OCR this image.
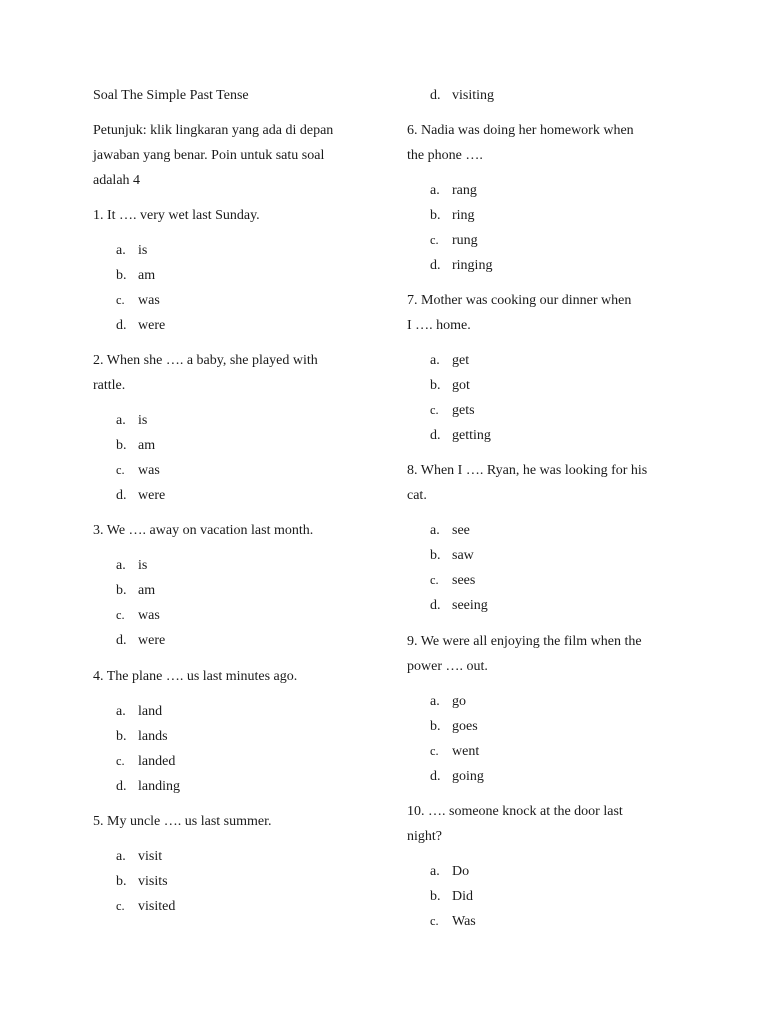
Soal The Simple Past Tense
Petunjuk: klik lingkaran yang ada di depan
jawaban yang benar. Poin untuk satu soal
adalah 4
1. It …. very wet last Sunday.
a. is
b. am
c. was
d. were
2. When she …. a baby, she played with
rattle.
a. is
b. am
c. was
d. were
3. We …. away on vacation last month.
a. is
b. am
c. was
d. were
4. The plane …. us last minutes ago.
a. land
b. lands
c. landed
d. landing
5. My uncle …. us last summer.
a. visit
b. visits
c. visited
d. visiting
6. Nadia was doing her homework when
the phone ….
a. rang
b. ring
c. rung
d. ringing
7. Mother was cooking our dinner when
I …. home.
a. get
b. got
c. gets
d. getting
8. When I …. Ryan, he was looking for his
cat.
a. see
b. saw
c. sees
d. seeing
9. We were all enjoying the film when the
power …. out.
a. go
b. goes
c. went
d. going
10. …. someone knock at the door last
night?
a. Do
b. Did
c. Was
